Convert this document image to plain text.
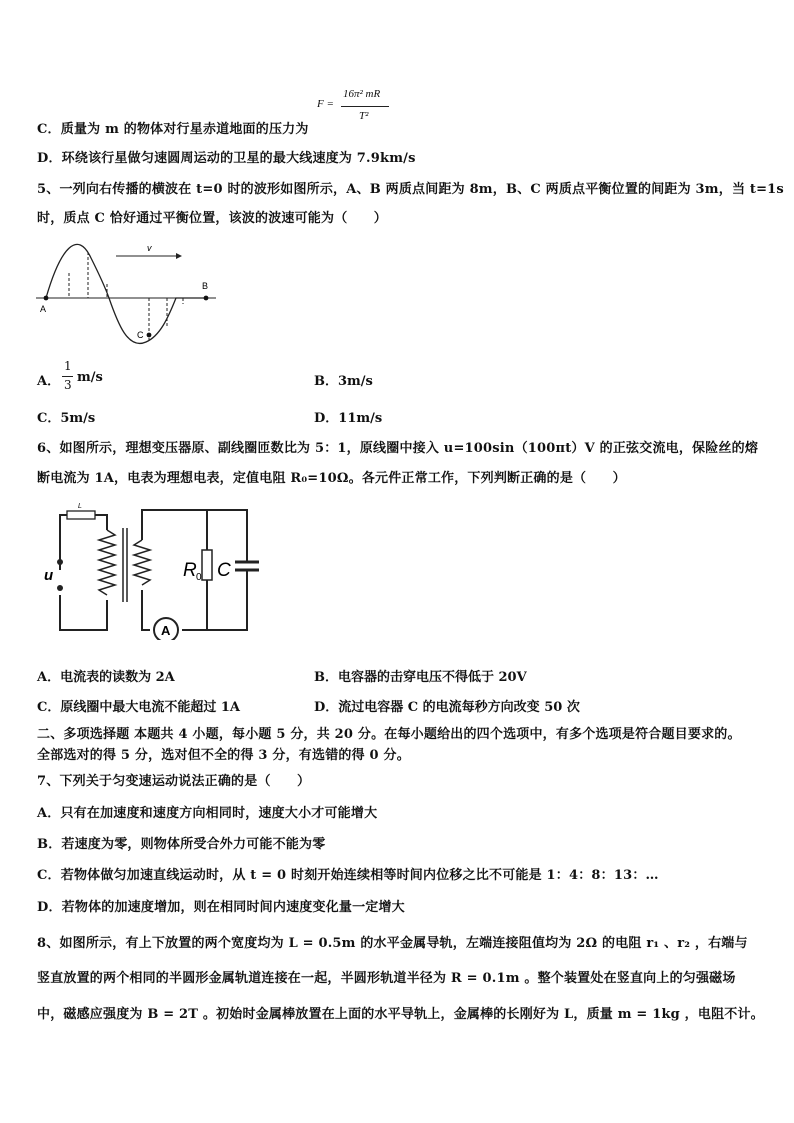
F =
16π² mR
T²
C．质量为 m 的物体对行星赤道地面的压力为
D．环绕该行星做匀速圆周运动的卫星的最大线速度为 7.9km/s
5、一列向右传播的横波在 t=0 时的波形如图所示，A、B 两质点间距为 8m，B、C 两质点平衡位置的间距为 3m，当 t=1s
时，质点 C 恰好通过平衡位置，该波的波速可能为（　　）
v
A
B
C
A．
1
3 m/s	B．3m/s
C．5m/s	D．11m/s
6、如图所示，理想变压器原、副线圈匝数比为 5：1，原线圈中接入 u=100sin（100πt）V 的正弦交流电，保险丝的熔
断电流为 1A，电表为理想电表，定值电阻 R₀=10Ω。各元件正常工作，下列判断正确的是（　　）
L
u	R 0 C
A
A．电流表的读数为 2A	B．电容器的击穿电压不得低于 20V
C．原线圈中最大电流不能超过 1A	D．流过电容器 C 的电流每秒方向改变 50 次
二、多项选择题 本题共 4 小题，每小题 5 分，共 20 分。在每小题给出的四个选项中，有多个选项是符合题目要求的。
全部选对的得 5 分，选对但不全的得 3 分，有选错的得 0 分。
7、下列关于匀变速运动说法正确的是（　　）
A．只有在加速度和速度方向相同时，速度大小才可能增大
B．若速度为零，则物体所受合外力可能不能为零
C．若物体做匀加速直线运动时，从 t = 0 时刻开始连续相等时间内位移之比不可能是 1：4：8：13：…
D．若物体的加速度增加，则在相同时间内速度变化量一定增大
8、如图所示，有上下放置的两个宽度均为 L = 0.5m 的水平金属导轨，左端连接阻值均为 2Ω 的电阻 r₁ 、r₂ ，右端与
竖直放置的两个相同的半圆形金属轨道连接在一起，半圆形轨道半径为 R = 0.1m 。整个装置处在竖直向上的匀强磁场
中，磁感应强度为 B = 2T 。初始时金属棒放置在上面的水平导轨上，金属棒的长刚好为 L，质量 m = 1kg ，电阻不计。
